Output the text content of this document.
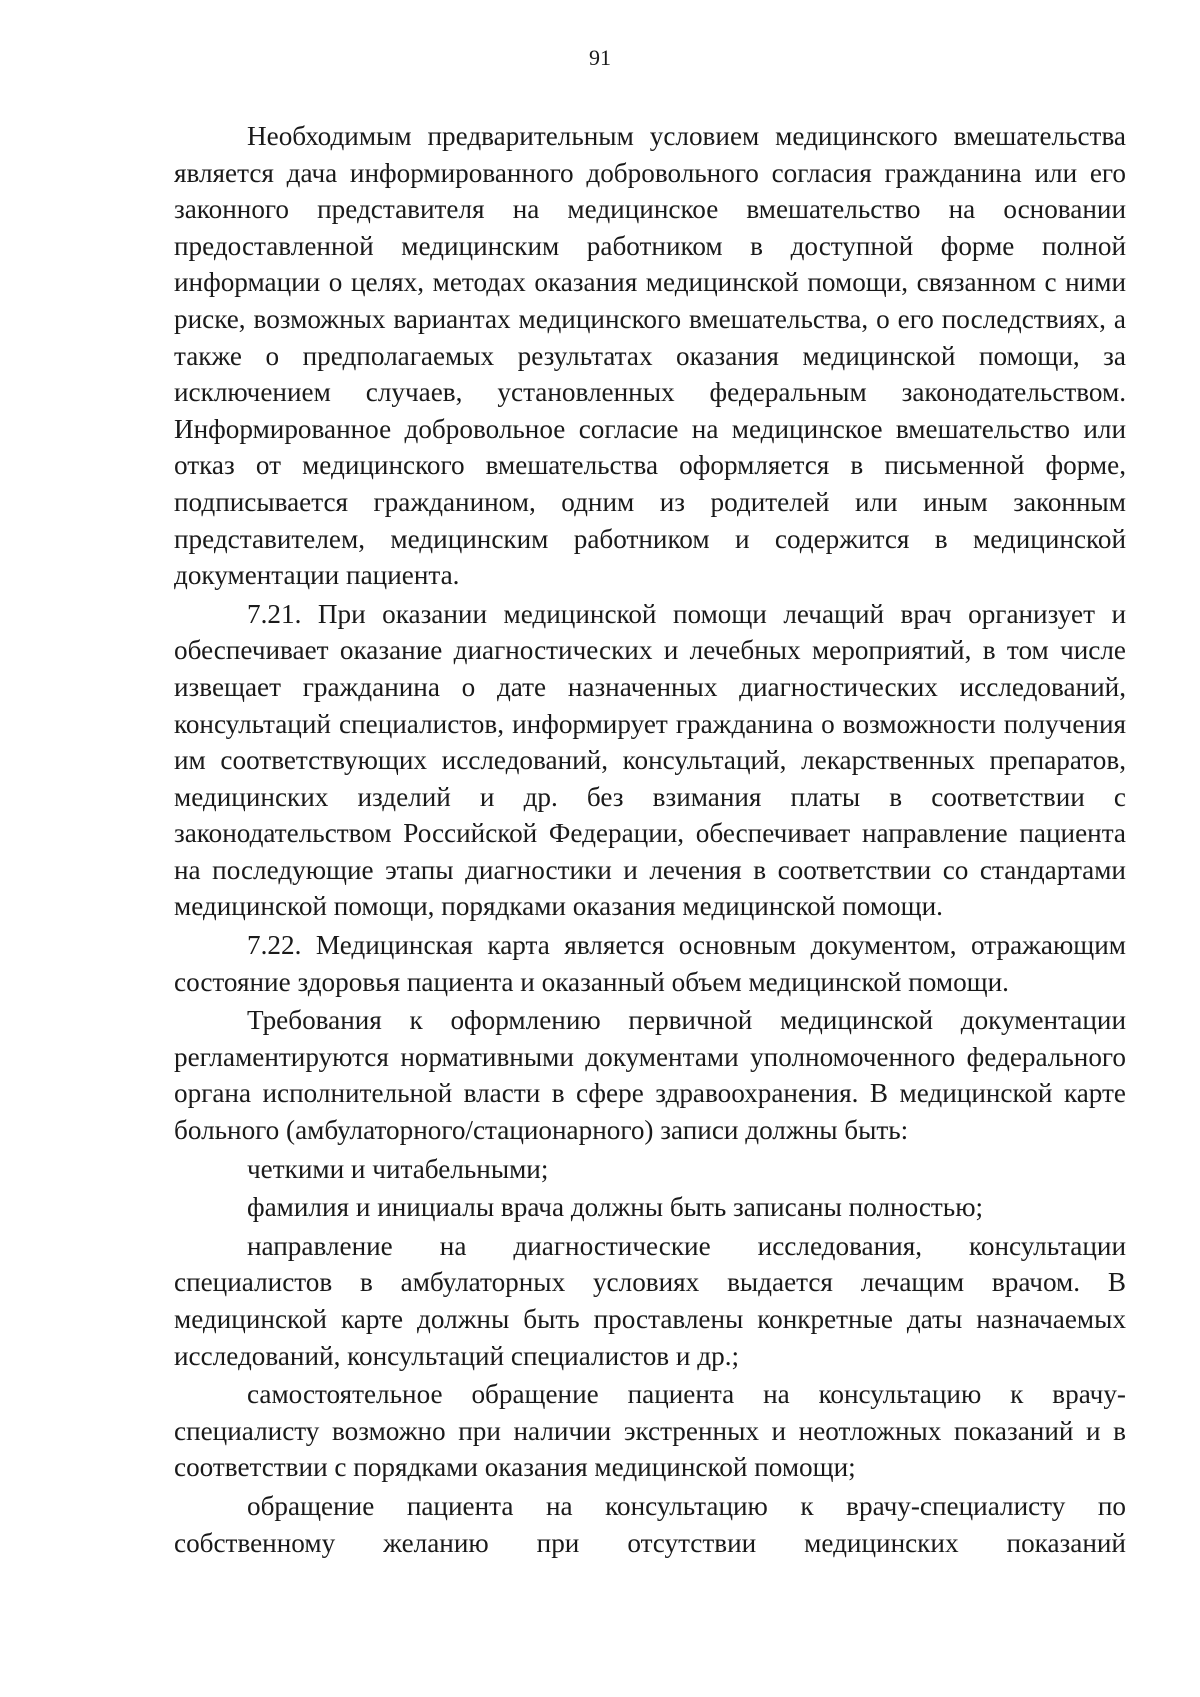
91

Необходимым предварительным условием медицинского вмешательства является дача информированного добровольного согласия гражданина или его законного представителя на медицинское вмешательство на основании предоставленной медицинским работником в доступной форме полной информации о целях, методах оказания медицинской помощи, связанном с ними риске, возможных вариантах медицинского вмешательства, о его последствиях, а также о предполагаемых результатах оказания медицинской помощи, за исключением случаев, установленных федеральным законодательством. Информированное добровольное согласие на медицинское вмешательство или отказ от медицинского вмешательства оформляется в письменной форме, подписывается гражданином, одним из родителей или иным законным представителем, медицинским работником и содержится в медицинской документации пациента.

7.21. При оказании медицинской помощи лечащий врач организует и обеспечивает оказание диагностических и лечебных мероприятий, в том числе извещает гражданина о дате назначенных диагностических исследований, консультаций специалистов, информирует гражданина о возможности получения им соответствующих исследований, консультаций, лекарственных препаратов, медицинских изделий и др. без взимания платы в соответствии с законодательством Российской Федерации, обеспечивает направление пациента на последующие этапы диагностики и лечения в соответствии со стандартами медицинской помощи, порядками оказания медицинской помощи.

7.22. Медицинская карта является основным документом, отражающим состояние здоровья пациента и оказанный объем медицинской помощи.

Требования к оформлению первичной медицинской документации регламентируются нормативными документами уполномоченного федерального органа исполнительной власти в сфере здравоохранения. В медицинской карте больного (амбулаторного/стационарного) записи должны быть:

четкими и читабельными;

фамилия и инициалы врача должны быть записаны полностью;

направление на диагностические исследования, консультации специалистов в амбулаторных условиях выдается лечащим врачом. В медицинской карте должны быть проставлены конкретные даты назначаемых исследований, консультаций специалистов и др.;

самостоятельное обращение пациента на консультацию к врачу-специалисту возможно при наличии экстренных и неотложных показаний и в соответствии с порядками оказания медицинской помощи;

обращение пациента на консультацию к врачу-специалисту по собственному желанию при отсутствии медицинских показаний
